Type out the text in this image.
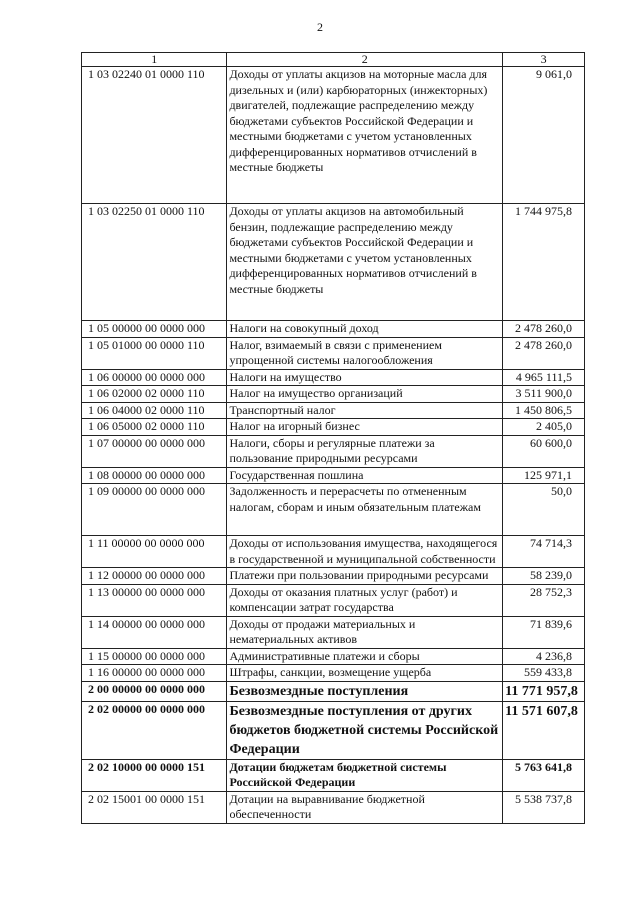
2
1	2	3
1 03 02240 01 0000 110	Доходы от уплаты акцизов на моторные масла для дизельных и (или) карбюраторных (инжекторных) двигателей, подлежащие распределению между бюджетами субъектов Российской Федерации и местными бюджетами с учетом установленных дифференцированных нормативов отчислений в местные бюджеты	9 061,0
1 03 02250 01 0000 110	Доходы от уплаты акцизов на автомобильный бензин, подлежащие распределению между бюджетами субъектов Российской Федерации и местными бюджетами с учетом установленных дифференцированных нормативов отчислений в местные бюджеты	1 744 975,8
1 05 00000 00 0000 000	Налоги на совокупный доход	2 478 260,0
1 05 01000 00 0000 110	Налог, взимаемый в связи с применением упрощенной системы налогообложения	2 478 260,0
1 06 00000 00 0000 000	Налоги на имущество	4 965 111,5
1 06 02000 02 0000 110	Налог на имущество организаций	3 511 900,0
1 06 04000 02 0000 110	Транспортный налог	1 450 806,5
1 06 05000 02 0000 110	Налог на игорный бизнес	2 405,0
1 07 00000 00 0000 000	Налоги, сборы и регулярные платежи за пользование природными ресурсами	60 600,0
1 08 00000 00 0000 000	Государственная пошлина	125 971,1
1 09 00000 00 0000 000	Задолженность и перерасчеты по отмененным налогам, сборам и иным обязательным платежам	50,0
1 11 00000 00 0000 000	Доходы от использования имущества, находящегося в государственной и муниципальной собственности	74 714,3
1 12 00000 00 0000 000	Платежи при пользовании природными ресурсами	58 239,0
1 13 00000 00 0000 000	Доходы от оказания платных услуг (работ) и компенсации затрат государства	28 752,3
1 14 00000 00 0000 000	Доходы от продажи материальных и нематериальных активов	71 839,6
1 15 00000 00 0000 000	Административные платежи и сборы	4 236,8
1 16 00000 00 0000 000	Штрафы, санкции, возмещение ущерба	559 433,8
2 00 00000 00 0000 000	Безвозмездные поступления	11 771 957,8
2 02 00000 00 0000 000	Безвозмездные поступления от других бюджетов бюджетной системы Российской Федерации	11 571 607,8
2 02 10000 00 0000 151	Дотации бюджетам бюджетной системы Российской Федерации	5 763 641,8
2 02 15001 00 0000 151	Дотации на выравнивание бюджетной обеспеченности	5 538 737,8
